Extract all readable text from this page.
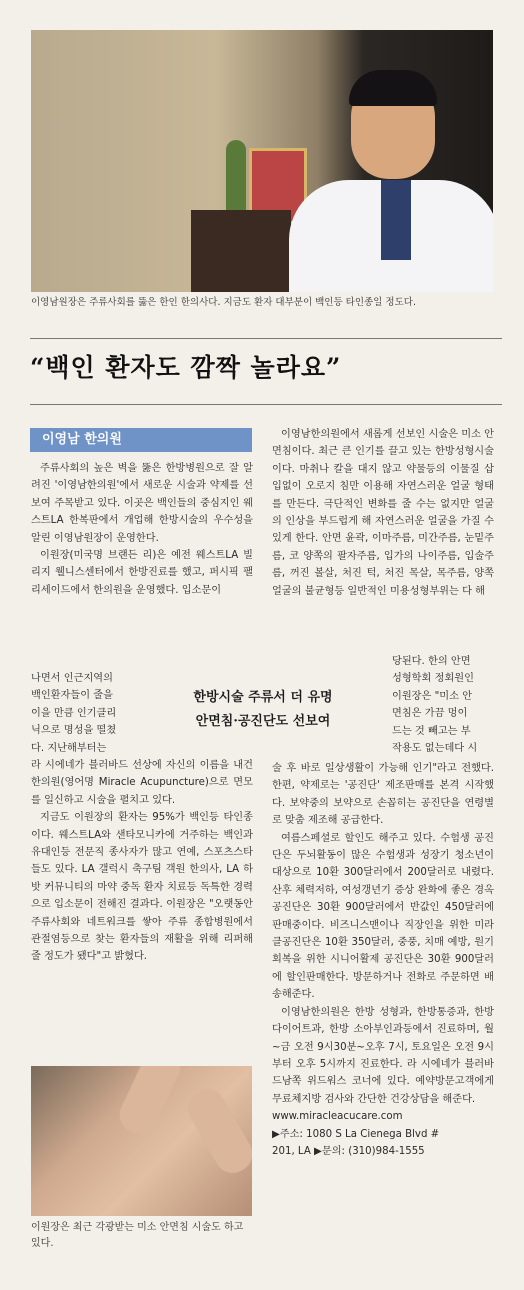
이영남원장은 주류사회를 뚫은 한인 한의사다. 지금도 환자 대부분이 백인등 타인종일 정도다.
“백인 환자도 깜짝 놀라요”
이영남 한의원

주류사회의 높은 벽을 뚫은 한방병원으로 잘 알려진 '이영남한의원'에서 새로운 시술과 약제를 선보여 주목받고 있다. 이곳은 백인들의 중심지인 웨스트LA 한복판에서 개업해 한방시술의 우수성을 알린 이영남원장이 운영한다.

이원장(미국명 브랜든 리)은 예전 웨스트LA 빌리지 웰니스센터에서 한방진료를 했고, 퍼시픽 팰리세이드에서 한의원을 운영했다. 입소문이

나면서 인근지역의
백인환자들이 줄을
이을 만큼 인기클리
닉으로 명성을 떨쳤
다. 지난해부터는

라 시에네가 블러바드 선상에 자신의 이름을 내건 한의원(영어명 Miracle Acupuncture)으로 면모를 일신하고 시술을 펼치고 있다.

지금도 이원장의 환자는 95%가 백인등 타인종이다. 웨스트LA와 샌타모니카에 거주하는 백인과 유대인등 전문직 종사자가 많고 연예, 스포츠스타들도 있다. LA 갤럭시 축구팀 객원 한의사, LA 하밧 커뮤니티의 마약 중독 환자 치료등 독특한 경력으로 입소문이 전해진 결과다. 이원장은 "오랫동안 주류사회와 네트워크를 쌓아 주류 종합병원에서 관절염등으로 찾는 환자들의 재활을 위해 리퍼해줄 정도가 됐다"고 밝혔다.

한방시술 주류서 더 유명
안면침·공진단도 선보여

이영남한의원에서 새롭게 선보인 시술은 미소 안면침이다. 최근 큰 인기를 끌고 있는 한방성형시술이다. 마취나 칼을 대지 않고 약물등의 이물질 삽입없이 오로지 침만 이용해 자연스러운 얼굴 형태를 만든다. 극단적인 변화를 줄 수는 없지만 얼굴의 인상을 부드럽게 해 자연스러운 얼굴을 가질 수 있게 한다. 안면 윤곽, 이마주름, 미간주름, 눈밑주름, 코 양쪽의 팔자주름, 입가의 나이주름, 입술주름, 꺼진 볼살, 처진 턱, 처진 목살, 목주름, 양쪽 얼굴의 불균형등 일반적인 미용성형부위는 다 해

당된다. 한의 안면
성형학회 정회원인
이원장은 "미소 안
면침은 가끔 멍이
드는 것 빼고는 부
작용도 없는데다 시

술 후 바로 일상생활이 가능해 인기"라고 전했다. 한편, 약제로는 '공진단' 제조판매를 본격 시작했다. 보약중의 보약으로 손꼽히는 공진단을 연령별로 맞춤 제조해 공급한다.

여름스페셜로 할인도 해주고 있다. 수험생 공진단은 두뇌활동이 많은 수험생과 성장기 청소년이 대상으로 10환 300달러에서 200달러로 내렸다. 산후 체력저하, 여성갱년기 증상 완화에 좋은 경옥공진단은 30환 900달러에서 반값인 450달러에 판매중이다. 비즈니스맨이나 직장인을 위한 미라클공진단은 10환 350달러, 중풍, 치매 예방, 원기 회복을 위한 시니어활제 공진단은 30환 900달러에 할인판매한다. 방문하거나 전화로 주문하면 배송해준다.

이영남한의원은 한방 성형과, 한방통증과, 한방 다이어트과, 한방 소아부인과등에서 진료하며, 월~금 오전 9시30분~오후 7시, 토요일은 오전 9시부터 오후 5시까지 진료한다. 라 시에네가 블러바드남쪽 위드워스 코너에 있다. 예약방문고객에게 무료체지방 검사와 간단한 건강상담을 해준다.

www.miracleacucare.com
▶주소: 1080 S La Cienega Blvd #
201, LA ▶문의: (310)984-1555
이원장은 최근 각광받는 미소 안면침 시술도 하고 있다.
